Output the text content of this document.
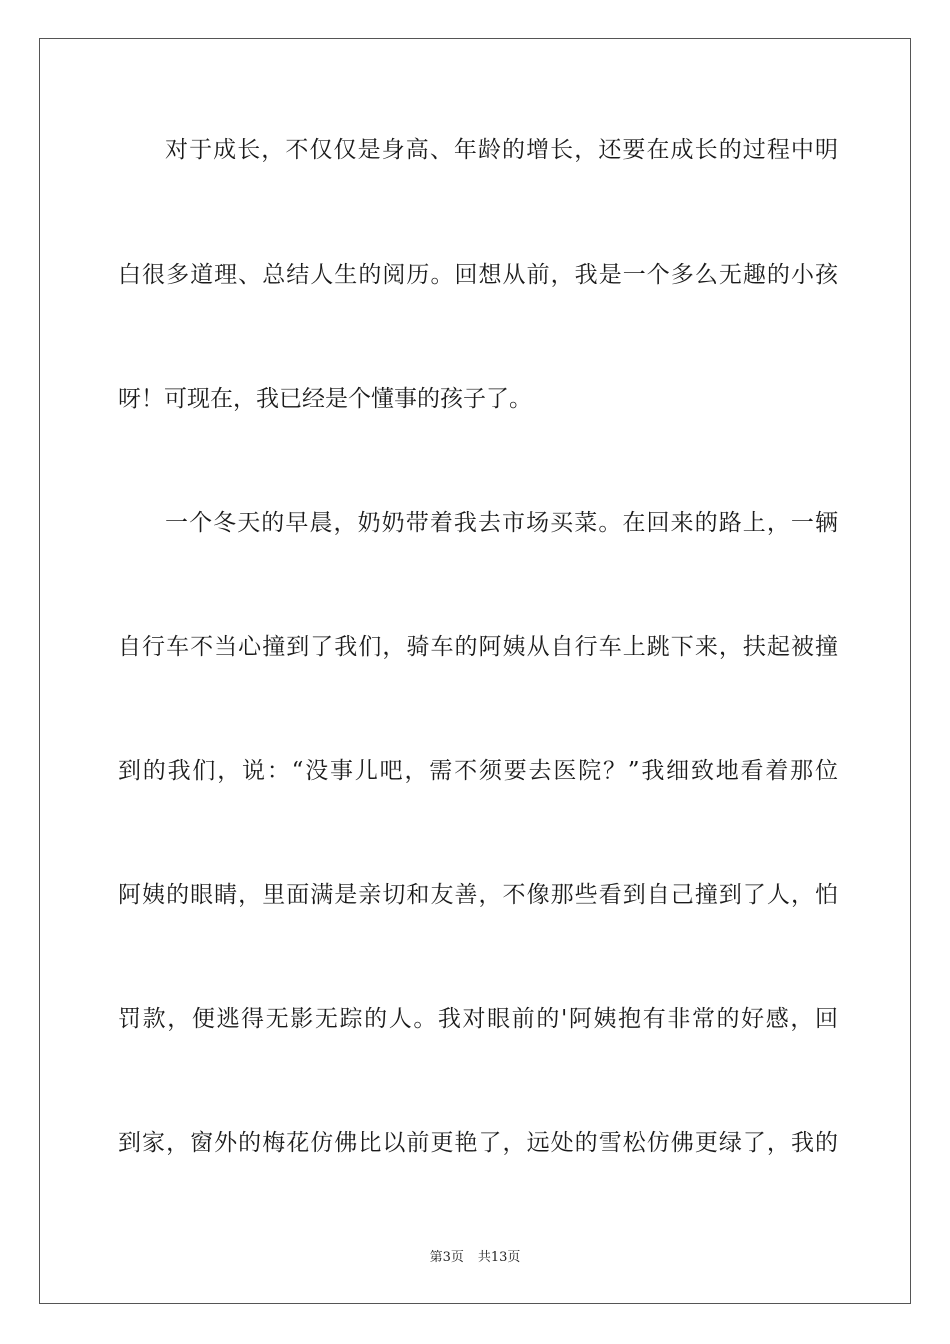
对于成长，不仅仅是身高、年龄的增长，还要在成长的过程中明
白很多道理、总结人生的阅历。回想从前，我是一个多么无趣的小孩
呀！可现在，我已经是个懂事的孩子了。
一个冬天的早晨，奶奶带着我去市场买菜。在回来的路上，一辆
自行车不当心撞到了我们，骑车的阿姨从自行车上跳下来，扶起被撞
到的我们，说：“没事儿吧，需不须要去医院？”我细致地看着那位
阿姨的眼睛，里面满是亲切和友善，不像那些看到自己撞到了人，怕
罚款，便逃得无影无踪的人。我对眼前的'阿姨抱有非常的好感，回
到家，窗外的梅花仿佛比以前更艳了，远处的雪松仿佛更绿了，我的
第3页 共13页
